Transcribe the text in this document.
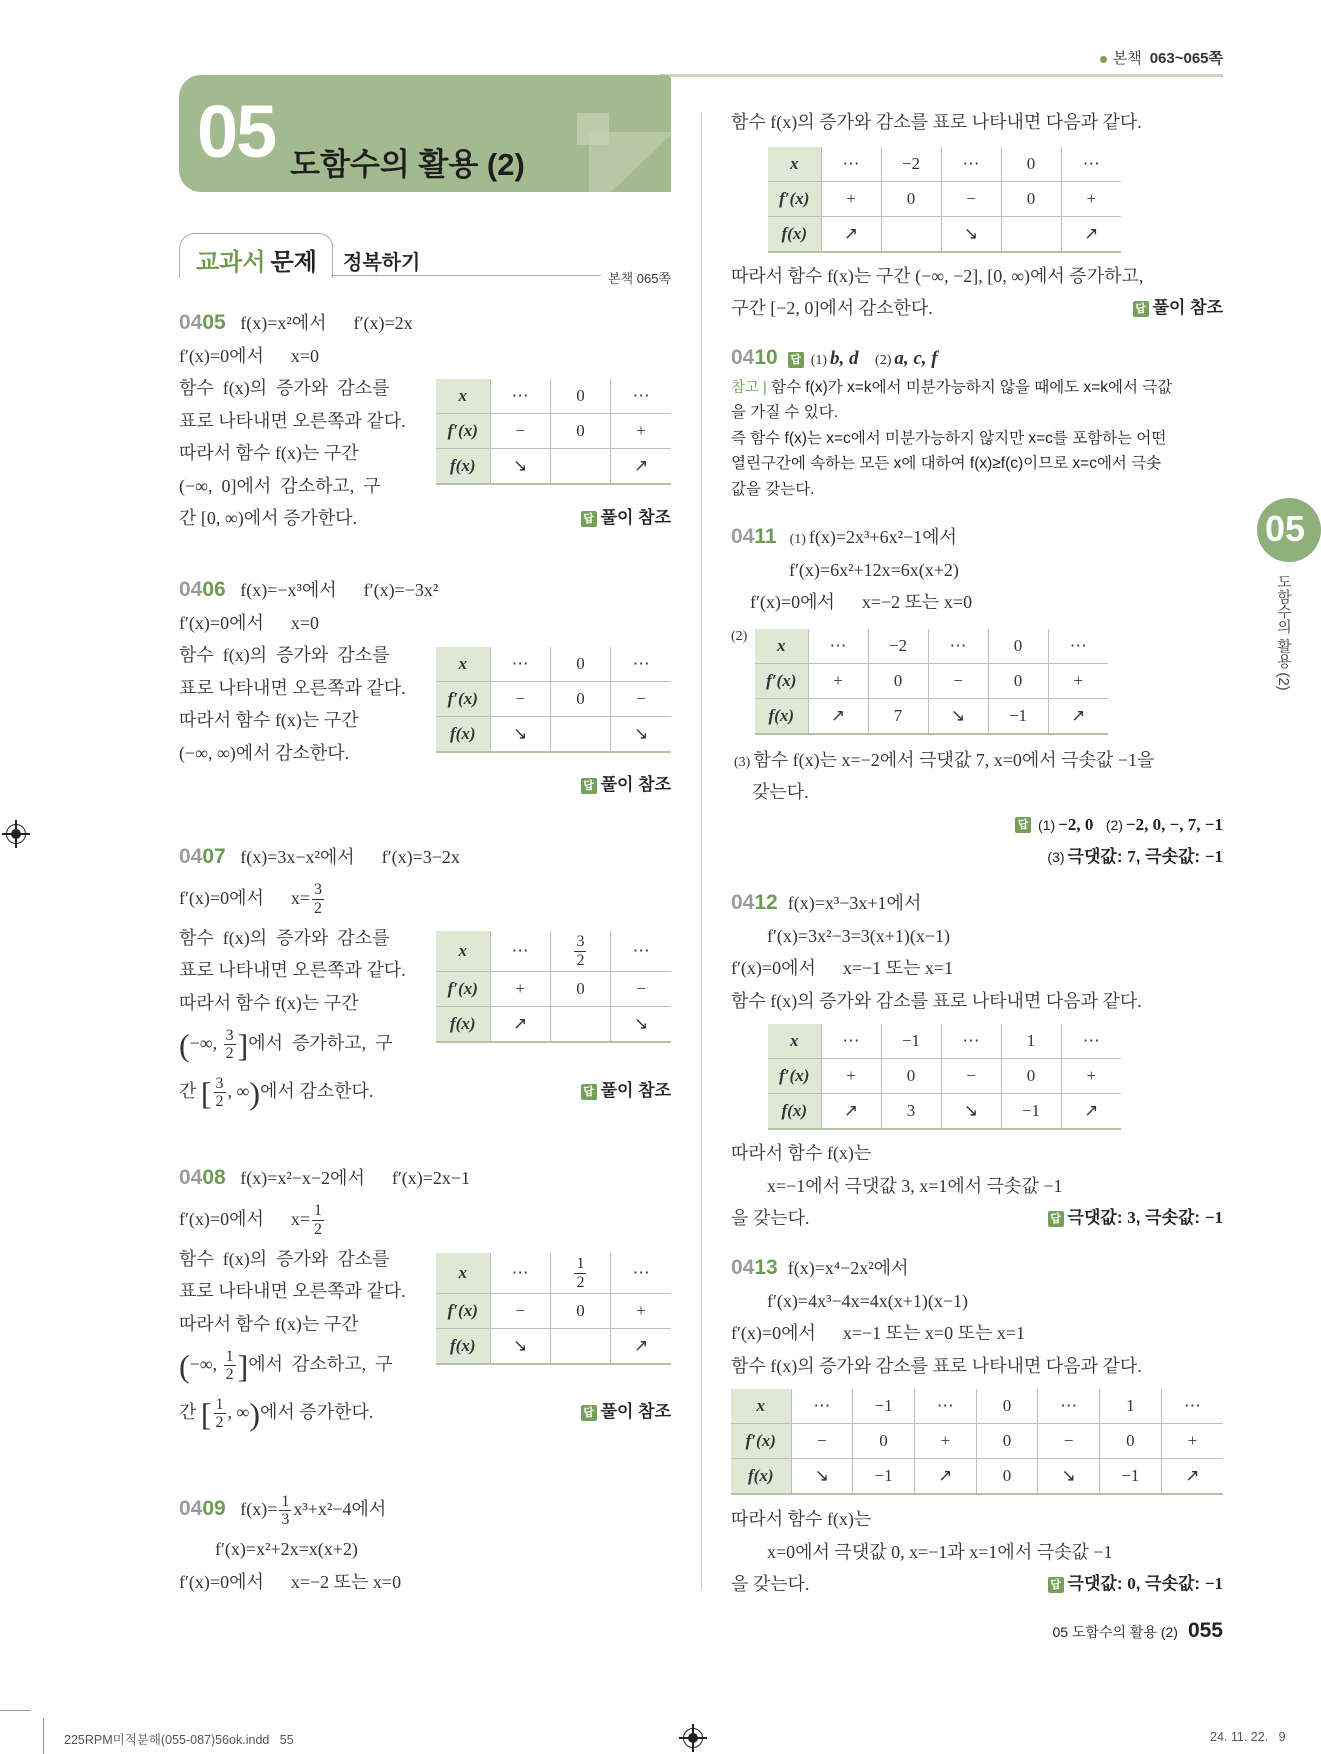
본책 063~065쪽
05 도함수의 활용 (2)
교과서 문제 정복하기
본책 065쪽
x	⋯	0	⋯
f′(x)	−	0	+
f(x)	↘		↗
0405 f(x)=x²에서      f′(x)=2x
f′(x)=0에서      x=0
함수  f(x)의  증가와  감소를
표로 나타내면 오른쪽과 같다.
따라서 함수 f(x)는 구간
(−∞,  0]에서  감소하고,  구
간 [0, ∞)에서 증가한다.	답 풀이 참조
x	⋯	0	⋯
f′(x)	−	0	−
f(x)	↘		↘
0406 f(x)=−x³에서      f′(x)=−3x²
f′(x)=0에서      x=0
함수  f(x)의  증가와  감소를
표로 나타내면 오른쪽과 같다.
따라서 함수 f(x)는 구간
(−∞, ∞)에서 감소한다.
답 풀이 참조
x	⋯	$\frac{3}{2}$	⋯
f′(x)	+	0	−
f(x)	↗		↘
0407 f(x)=3x−x²에서      f′(x)=3−2x
f′(x)=0에서      $x= \frac{3}{2}$
함수  f(x)의  증가와  감소를
표로 나타내면 오른쪽과 같다.
따라서 함수 f(x)는 구간
(−∞, $\frac{3}{2}$ ]에서  증가하고,  구
간 [ $\frac{3}{2}$ , ∞)에서 감소한다.	답 풀이 참조
x	⋯	$\frac{1}{2}$	⋯
f′(x)	−	0	+
f(x)	↘		↗
0408 f(x)=x²−x−2에서      f′(x)=2x−1
f′(x)=0에서      $x= \frac{1}{2}$
함수  f(x)의  증가와  감소를
표로 나타내면 오른쪽과 같다.
따라서 함수 f(x)는 구간
(−∞, $\frac{1}{2}$ ]에서  감소하고,  구
간 [ $\frac{1}{2}$ , ∞)에서 증가한다.	답 풀이 참조
0409 $f(x)= \frac{1}{3} x^3+x^2-4$에서
f′(x)=x²+2x=x(x+2)
f′(x)=0에서      x=−2 또는 x=0
함수 f(x)의 증가와 감소를 표로 나타내면 다음과 같다.
x	⋯	−2	⋯	0	⋯
f′(x)	+	0	−	0	+
f(x)	↗		↘		↗
따라서 함수 f(x)는 구간 (−∞, −2], [0, ∞)에서 증가하고,
구간 [−2, 0]에서 감소한다.	답 풀이 참조
0410 답 (1) b, d (2) a, c, f
참고 | 함수 f(x)가 x=k에서 미분가능하지 않을 때에도 x=k에서 극값
을 가질 수 있다.
즉 함수 f(x)는 x=c에서 미분가능하지 않지만 x=c를 포함하는 어떤
열린구간에 속하는 모든 x에 대하여 f(x)≥f(c)이므로 x=c에서 극솟
값을 갖는다.
0411 (1) f(x)=2x³+6x²−1에서
f′(x)=6x²+12x=6x(x+2)
f′(x)=0에서      x=−2 또는 x=0
(2) x	⋯	−2	⋯	0	⋯
f′(x)	+	0	−	0	+
f(x)	↗	7	↘	−1	↗
(3) 함수 f(x)는 x=−2에서 극댓값 7, x=0에서 극솟값 −1을
갖는다.
답 (1) −2, 0 (2) −2, 0, −, 7, −1
(3) 극댓값: 7, 극솟값: −1
0412 f(x)=x³−3x+1에서
f′(x)=3x²−3=3(x+1)(x−1)
f′(x)=0에서      x=−1 또는 x=1
함수 f(x)의 증가와 감소를 표로 나타내면 다음과 같다.
x	⋯	−1	⋯	1	⋯
f′(x)	+	0	−	0	+
f(x)	↗	3	↘	−1	↗
따라서 함수 f(x)는
x=−1에서 극댓값 3, x=1에서 극솟값 −1
을 갖는다.	답 극댓값: 3, 극솟값: −1
0413 f(x)=x⁴−2x²에서
f′(x)=4x³−4x=4x(x+1)(x−1)
f′(x)=0에서      x=−1 또는 x=0 또는 x=1
함수 f(x)의 증가와 감소를 표로 나타내면 다음과 같다.
x	⋯	−1	⋯	0	⋯	1	⋯
f′(x)	−	0	+	0	−	0	+
f(x)	↘	−1	↗	0	↘	−1	↗
따라서 함수 f(x)는
x=0에서 극댓값 0, x=−1과 x=1에서 극솟값 −1
을 갖는다.	답 극댓값: 0, 극솟값: −1
05
도함수의 활용 (2)
05 도함수의 활용 (2) 055
225RPM미적분해(055-087)56ok.indd   55	24. 11. 22.   9
